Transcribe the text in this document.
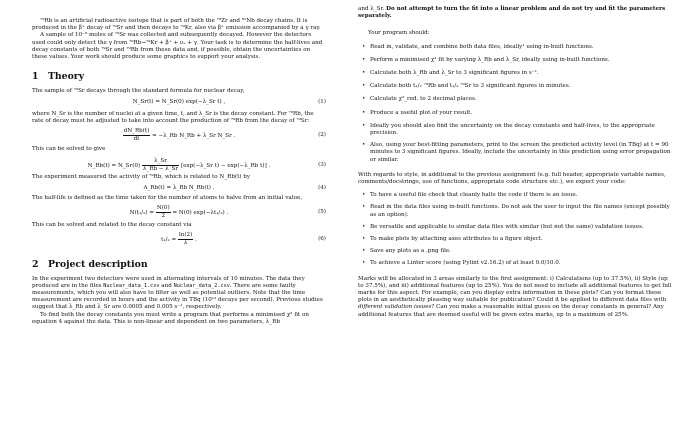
⁷⁹Rb is an artificial radioactive isotope that is part of both the ⁷⁹Zr and ⁸¹Nb decay chains. It is produced in the β⁺ decay of ⁷⁹Sr and then decays to ⁷⁹Kr, also via β⁺ emission accompanied by a γ ray.

A sample of 10⁻⁶ moles of ⁷⁹Sr was collected and subsequently decayed. However the detectors used could only detect the γ from ⁷⁹Rb→⁷⁹Kr + β⁺ + νₑ + γ. Your task is to determine the half-lives and decay constants of both ⁷⁹Sr and ⁷⁹Rb from these data and, if possible, obtain the uncertainties on these values. Your work should produce some graphics to support your analysis.

1 Theory

The sample of ⁷⁹Sr decays through the standard formula for nuclear decay,

N_Sr(t) = N_Sr(0) exp(−λ_Sr t) ,	(1)

where N_Sr is the number of nuclei at a given time, t, and λ_Sr is the decay constant. For ⁷⁹Rb, the rate of decay must be adjusted to take into account the production of ⁷⁹Rb from the decay of ⁷⁹Sr:

$\frac{dN\_Rb(t)}{dt}$ = −λ_Rb N_Rb + λ_Sr N_Sr .	(2)

This can be solved to give

N_Rb(t) = N_Sr(0) $\frac{\lambda\_Sr}{\lambda\_Rb - \lambda\_Sr}$ [exp(−λ_Sr t) − exp(−λ_Rb t)] .	(3)

The experiment measured the activity of ⁷⁹Rb, which is related to N_Rb(t) by

A_Rb(t) = λ_Rb N_Rb(t) .	(4)

The half-life is defined as the time taken for the number of atoms to halve from an initial value,

$N(t_1/_2) = \frac{N(0)}{2} = N(0)$ exp(−λt₁/₂) .	(5)

This can be solved and related to the decay constant via

$t_1/_2 = \frac{\ln(2)}{\lambda}$ .	(6)
2 Project description

In the experiment two detectors were used in alternating intervals of 10 minutes. The data they produced are in the files Nuclear_data_1.csv and Nuclear_data_2.csv. There are some faulty measurements, which you will also have to filter as well as potential outliers. Note that the time measurement are recorded in hours and the activity in TBq (10¹² decays per second). Previous studies suggest that λ_Rb and λ_Sr are 0.0005 and 0.005 s⁻¹, respectively.

To find both the decay constants you must write a program that performs a minimised χ² fit on equation 4 against the data. This is non-linear and dependent on two parameters, λ_Rb

and λ_Sr. Do not attempt to turn the fit into a linear problem and do not try and fit the parameters separately.

Your program should:

• Read in, validate, and combine both data files, ideally¹ using in-built functions.
• Perform a minimised χ² fit by varying λ_Rb and λ_Sr, ideally using in-built functions.
• Calculate both λ_Rb and λ_Sr to 3 significant figures in s⁻¹.
• Calculate both t₁/₂ ⁷⁹Rb and t₁/₂ ⁷⁹Sr to 3 significant figures in minutes.
• Calculate χ²_red. to 2 decimal places.
• Produce a useful plot of your result.
• Ideally you should also find the uncertainty on the decay constants and half-lives, to the appropriate precision.
• Also, using your best-fitting parameters, print to the screen the predicted activity level (in TBq) at t = 90 minutes to 3 significant figures. Ideally, include the uncertainty in this prediction using error propagation or similar.

With regards to style, in additional to the previous assignment (e.g. full header, appropriate variable names, comments/docstrings, use of functions, appropriate code structure etc.), we expect your code:

• To have a useful file check that cleanly halts the code if there is an issue.
• Read in the data files using in-built functions. Do not ask the user to input the file names (except possibly as an option).
• Be versatile and applicable to similar data files with similar (but not the same) validation issues.
• To make plots by attaching axes attributes to a figure object.
• Save any plots as a .png file.
• To achieve a Linter score (using Pylint v2.16.2) of at least 9.0/10.0.

Marks will be allocated in 3 areas similarly to the first assignment: i) Calculations (up to 37.5%), ii) Style (up to 37.5%), and iii) additional features (up to 25%). You do not need to include all additional features to get full marks for this aspect. For example, can you display extra information in these plots? Can you format these plots in an aesthetically pleasing way suitable for publication? Could it be applied to different data files with different validation issues? Can you make a reasonable initial guess on the decay constants in general? Any additional features that are deemed useful will be given extra marks, up to a maximum of 25%.
